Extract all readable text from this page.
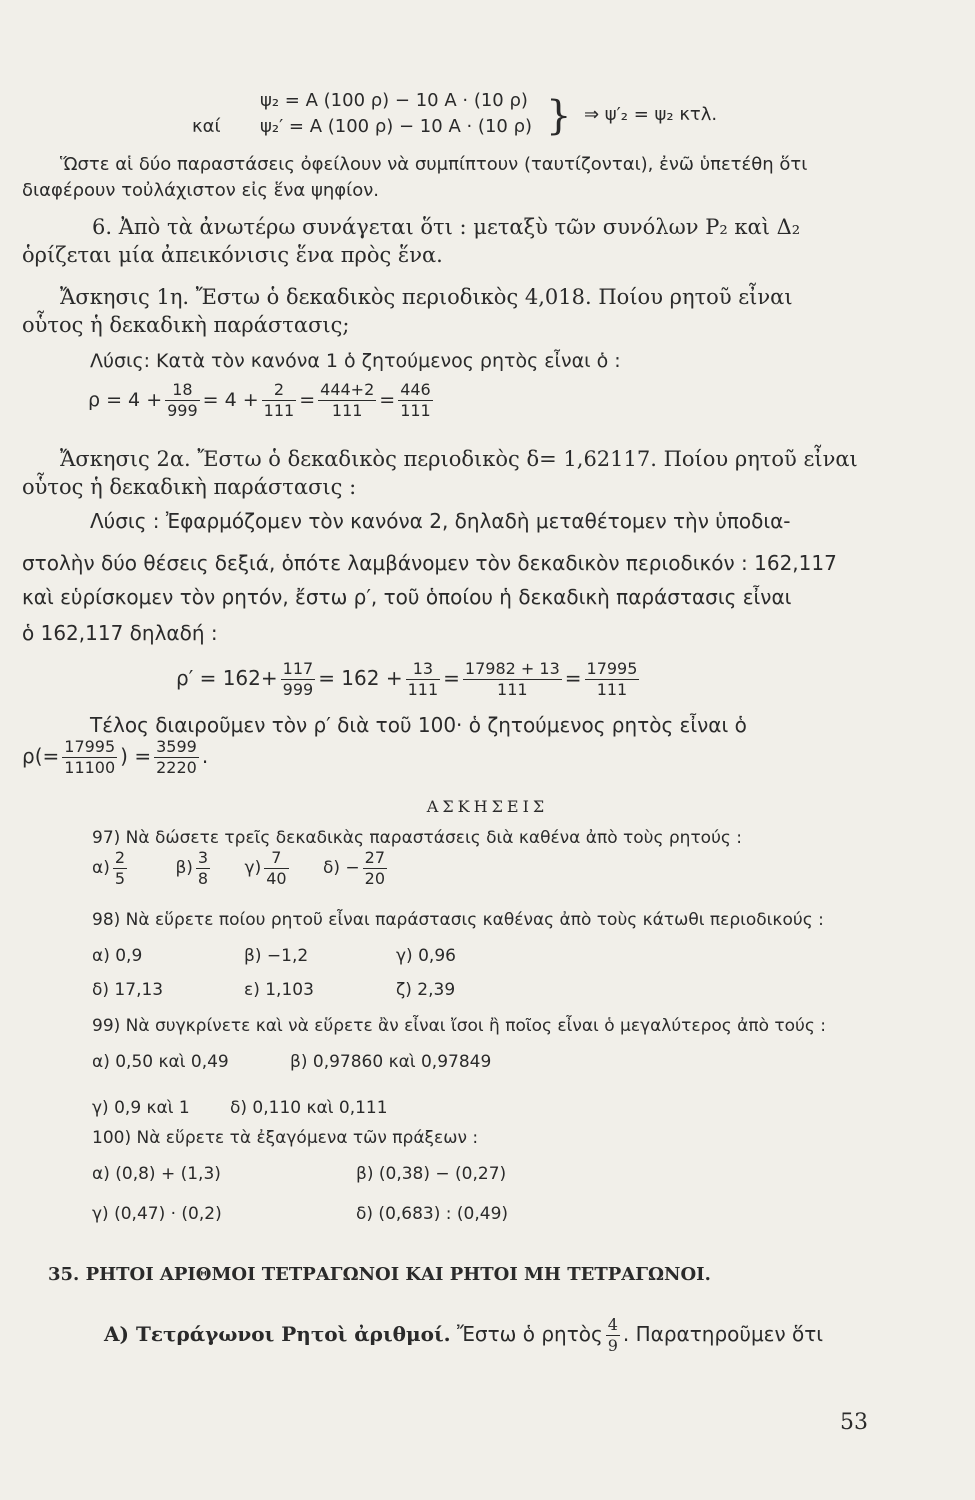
ψ₂ = A (100 ρ) − 10 A · (10 ρ)
καί ψ₂′ = A (100 ρ) − 10 A · (10 ρ) } ⇒ ψ′₂ = ψ₂ κτλ.
Ὥστε αἱ δύο παραστάσεις ὀφείλουν νὰ συμπίπτουν (ταυτίζονται), ἐνῶ ὑπετέθη ὅτι
διαφέρουν τοὐλάχιστον εἰς ἕνα ψηφίον.
6. Ἀπὸ τὰ ἀνωτέρω συνάγεται ὅτι : μεταξὺ τῶν συνόλων P₂ καὶ Δ₂
ὁρίζεται μία ἀπεικόνισις ἕνα πρὸς ἕνα.
Ἄσκησις 1η. Ἔστω ὁ δεκαδικὸς περιοδικὸς 4,018. Ποίου ρητοῦ εἶναι
οὗτος ἡ δεκαδικὴ παράστασις;
Λύσις: Κατὰ τὸν κανόνα 1 ὁ ζητούμενος ρητὸς εἶναι ὁ :
$\rho = 4 + \frac{18}{999} = 4 + \frac{2}{111} = \frac{444+2}{111} = \frac{446}{111}$
Ἄσκησις 2α. Ἔστω ὁ δεκαδικὸς περιοδικὸς δ= 1,62117. Ποίου ρητοῦ εἶναι
οὗτος ἡ δεκαδικὴ παράστασις :
Λύσις : Ἐφαρμόζομεν τὸν κανόνα 2, δηλαδὴ μεταθέτομεν τὴν ὑποδια-
στολὴν δύο θέσεις δεξιά, ὁπότε λαμβάνομεν τὸν δεκαδικὸν περιοδικόν : 162,117
καὶ εὑρίσκομεν τὸν ρητόν, ἔστω ρ′, τοῦ ὁποίου ἡ δεκαδικὴ παράστασις εἶναι
ὁ 162,117 δηλαδή :
$\rho' = 162+ \frac{117}{999} = 162 + \frac{13}{111} = \frac{17982 + 13}{111} = \frac{17995}{111}$
Τέλος διαιροῦμεν τὸν ρ′ διὰ τοῦ 100· ὁ ζητούμενος ρητὸς εἶναι ὁ
$\rho(= \frac{17995}{11100}$ ) = $\frac{3599}{2220}$ .
ΑΣΚΗΣΕΙΣ
97) Νὰ δώσετε τρεῖς δεκαδικὰς παραστάσεις διὰ καθένα ἀπὸ τοὺς ρητούς :
$\alpha) \frac{2}{5}$	$\beta) \frac{3}{8} \gamma) \frac{7}{40} \delta) - \frac{27}{20}$
98) Νὰ εὕρετε ποίου ρητοῦ εἶναι παράστασις καθένας ἀπὸ τοὺς κάτωθι περιοδικούς :
α) 0,9	β) −1,2	γ) 0,96
δ) 17,13	ε) 1,103	ζ) 2,39
99) Νὰ συγκρίνετε καὶ νὰ εὕρετε ἂν εἶναι ἴσοι ἢ ποῖος εἶναι ὁ μεγαλύτερος ἀπὸ τούς :
α) 0,50 καὶ 0,49	β) 0,97860 καὶ 0,97849
γ) 0,9 καὶ 1 δ) 0,110 καὶ 0,111
100) Νὰ εὕρετε τὰ ἐξαγόμενα τῶν πράξεων :
α) (0,8) + (1,3)	β) (0,38) − (0,27)
γ) (0,47) · (0,2)	δ) (0,683) : (0,49)
35. ΡΗΤΟΙ ΑΡΙΘΜΟΙ ΤΕΤΡΑΓΩΝΟΙ ΚΑΙ ΡΗΤΟΙ ΜΗ ΤΕΤΡΑΓΩΝΟΙ.
Α) Τετράγωνοι Ρητοὶ ἀριθμοί. Ἔστω ὁ ρητὸς $\frac{4}{9}$ . Παρατηροῦμεν ὅτι
53
